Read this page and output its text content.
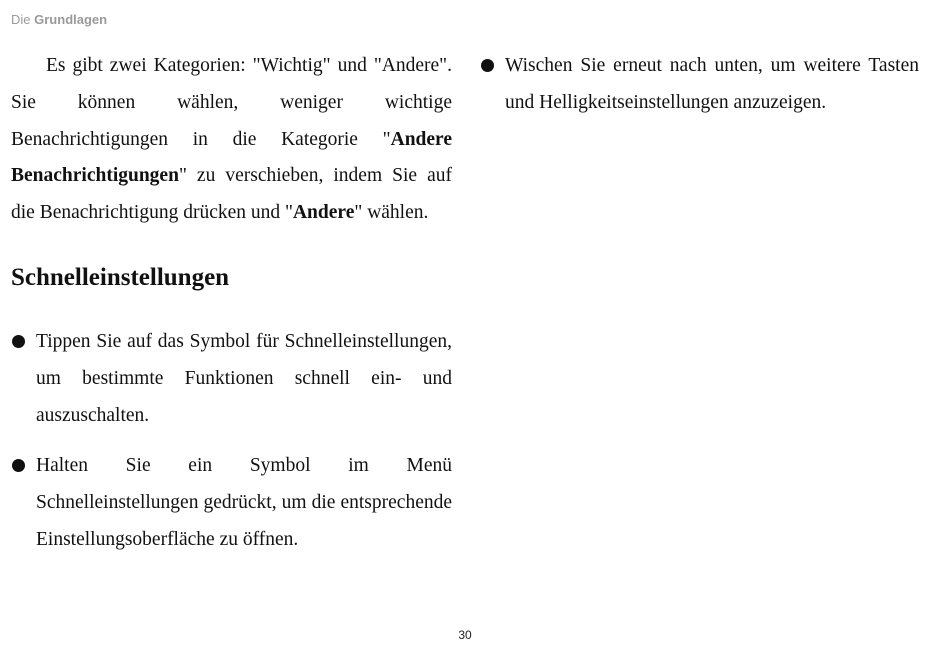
Die Grundlagen

Es gibt zwei Kategorien: "Wichtig" und "Andere". Sie können wählen, weniger wichtige Benachrichtigungen in die Kategorie "Andere Benachrichtigungen" zu verschieben, indem Sie auf die Benachrichtigung drücken und "Andere" wählen.

Schnelleinstellungen
Tippen Sie auf das Symbol für Schnelleinstellungen, um bestimmte Funktionen schnell ein- und auszuschalten.
Halten Sie ein Symbol im Menü Schnelleinstellungen gedrückt, um die entsprechende Einstellungsoberfläche zu öffnen.
Wischen Sie erneut nach unten, um weitere Tasten und Helligkeitseinstellungen anzuzeigen.
30
